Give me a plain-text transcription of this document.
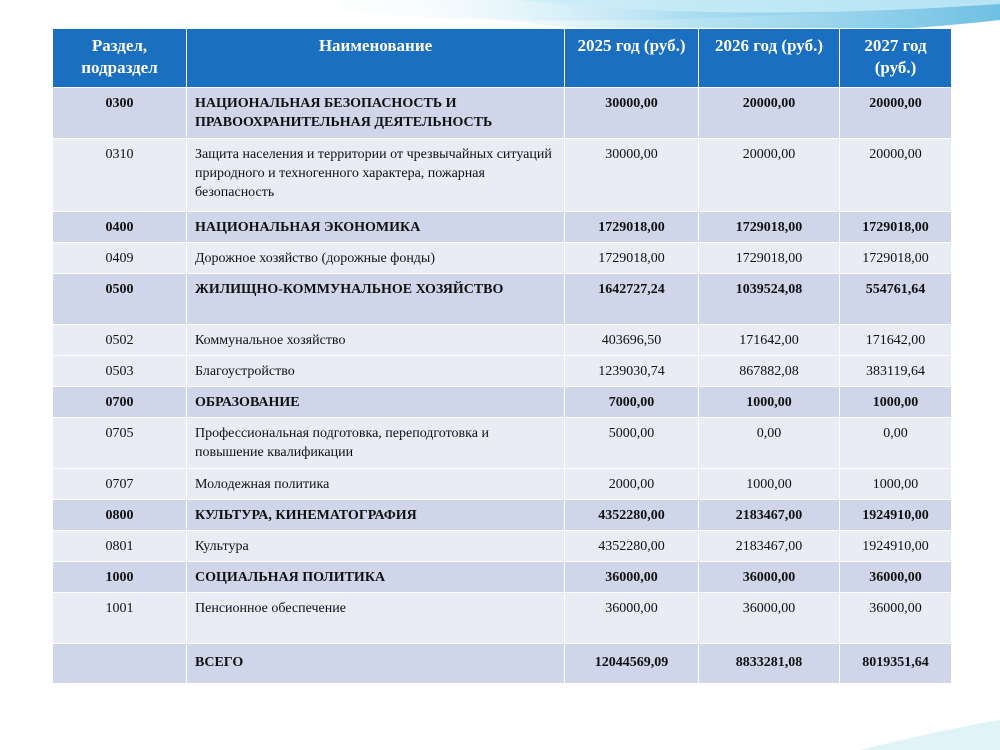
Раздел, подраздел	Наименование	2025 год (руб.)	2026 год (руб.)	2027 год (руб.)
0300	НАЦИОНАЛЬНАЯ БЕЗОПАСНОСТЬ И ПРАВООХРАНИТЕЛЬНАЯ ДЕЯТЕЛЬНОСТЬ	30000,00	20000,00	20000,00
0310	Защита населения и территории от чрезвычайных ситуаций природного и техногенного характера, пожарная безопасность	30000,00	20000,00	20000,00
0400	НАЦИОНАЛЬНАЯ ЭКОНОМИКА	1729018,00	1729018,00	1729018,00
0409	Дорожное хозяйство (дорожные фонды)	1729018,00	1729018,00	1729018,00
0500	ЖИЛИЩНО-КОММУНАЛЬНОЕ ХОЗЯЙСТВО	1642727,24	1039524,08	554761,64
0502	Коммунальное хозяйство	403696,50	171642,00	171642,00
0503	Благоустройство	1239030,74	867882,08	383119,64
0700	ОБРАЗОВАНИЕ	7000,00	1000,00	1000,00
0705	Профессиональная подготовка, переподготовка и повышение квалификации	5000,00	0,00	0,00
0707	Молодежная политика	2000,00	1000,00	1000,00
0800	КУЛЬТУРА, КИНЕМАТОГРАФИЯ	4352280,00	2183467,00	1924910,00
0801	Культура	4352280,00	2183467,00	1924910,00
1000	СОЦИАЛЬНАЯ ПОЛИТИКА	36000,00	36000,00	36000,00
1001	Пенсионное обеспечение	36000,00	36000,00	36000,00
	ВСЕГО	12044569,09	8833281,08	8019351,64
